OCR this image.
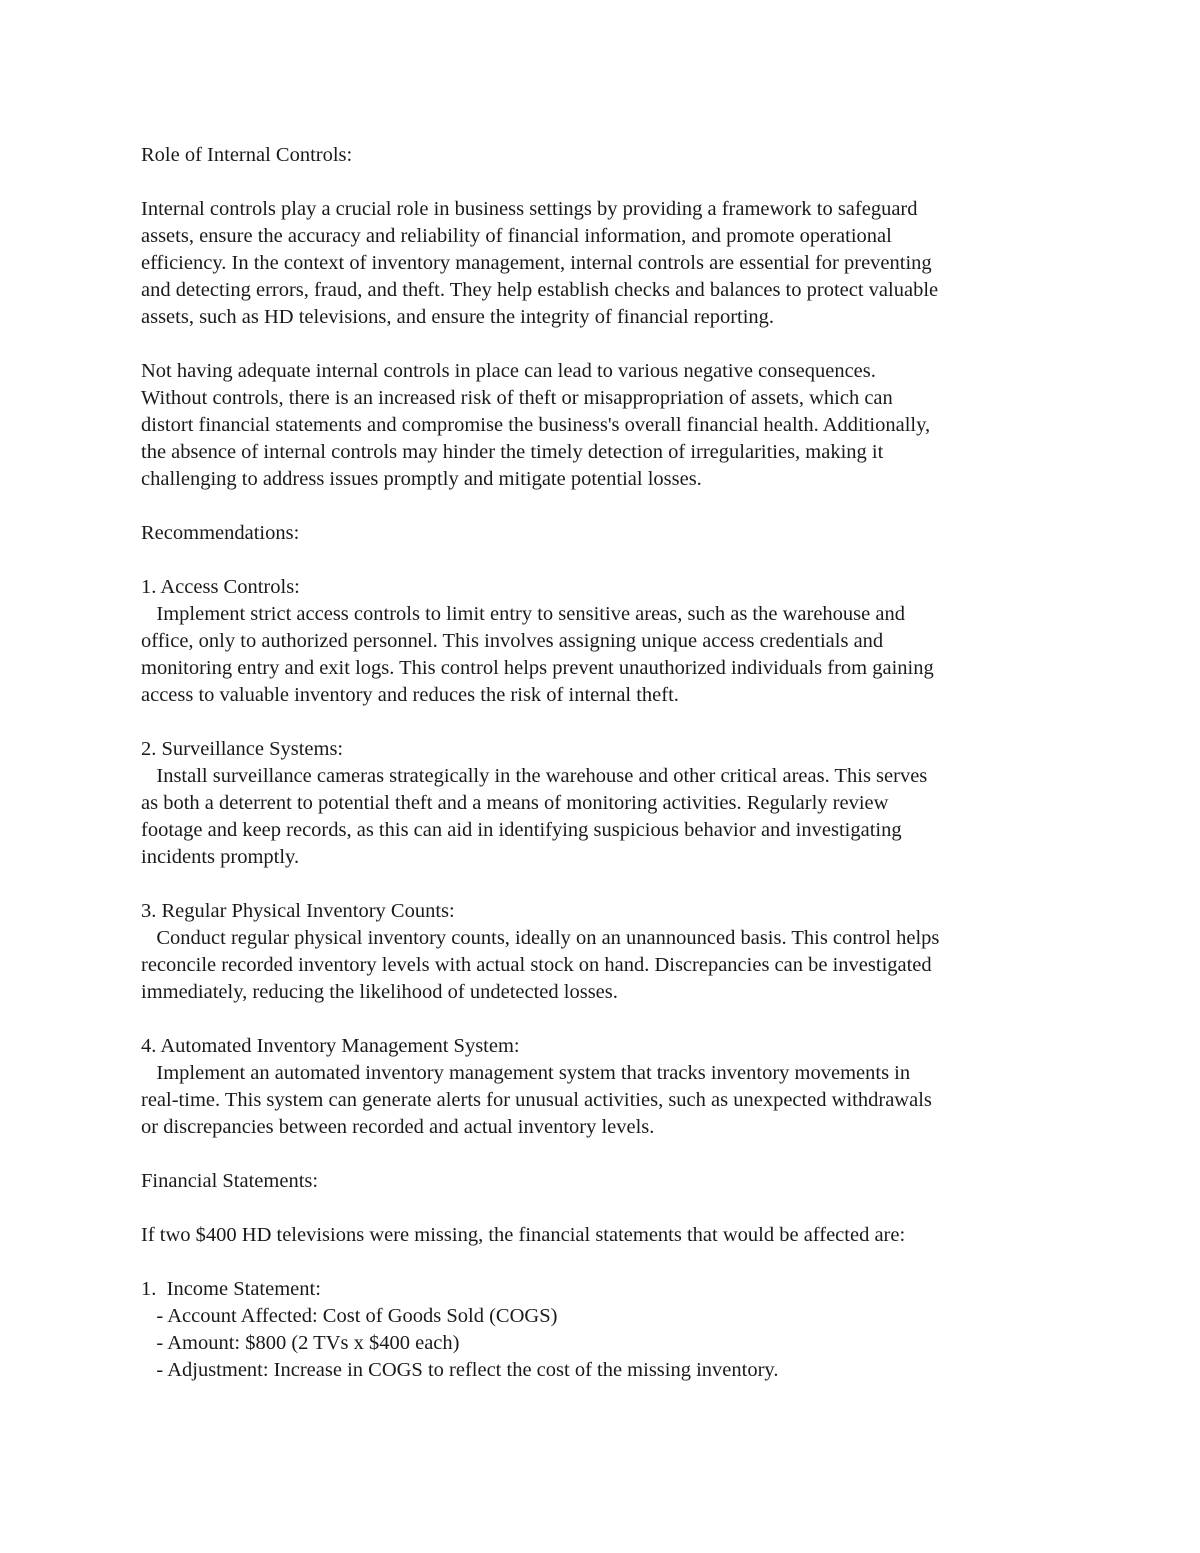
Role of Internal Controls:
Internal controls play a crucial role in business settings by providing a framework to safeguard
assets, ensure the accuracy and reliability of financial information, and promote operational
efficiency. In the context of inventory management, internal controls are essential for preventing
and detecting errors, fraud, and theft. They help establish checks and balances to protect valuable
assets, such as HD televisions, and ensure the integrity of financial reporting.
Not having adequate internal controls in place can lead to various negative consequences.
Without controls, there is an increased risk of theft or misappropriation of assets, which can
distort financial statements and compromise the business's overall financial health. Additionally,
the absence of internal controls may hinder the timely detection of irregularities, making it
challenging to address issues promptly and mitigate potential losses.
Recommendations:
1. Access Controls:
Implement strict access controls to limit entry to sensitive areas, such as the warehouse and
office, only to authorized personnel. This involves assigning unique access credentials and
monitoring entry and exit logs. This control helps prevent unauthorized individuals from gaining
access to valuable inventory and reduces the risk of internal theft.
2. Surveillance Systems:
Install surveillance cameras strategically in the warehouse and other critical areas. This serves
as both a deterrent to potential theft and a means of monitoring activities. Regularly review
footage and keep records, as this can aid in identifying suspicious behavior and investigating
incidents promptly.
3. Regular Physical Inventory Counts:
Conduct regular physical inventory counts, ideally on an unannounced basis. This control helps
reconcile recorded inventory levels with actual stock on hand. Discrepancies can be investigated
immediately, reducing the likelihood of undetected losses.
4. Automated Inventory Management System:
Implement an automated inventory management system that tracks inventory movements in
real-time. This system can generate alerts for unusual activities, such as unexpected withdrawals
or discrepancies between recorded and actual inventory levels.
Financial Statements:
If two $400 HD televisions were missing, the financial statements that would be affected are:
1.  Income Statement:
- Account Affected: Cost of Goods Sold (COGS)
- Amount: $800 (2 TVs x $400 each)
- Adjustment: Increase in COGS to reflect the cost of the missing inventory.
